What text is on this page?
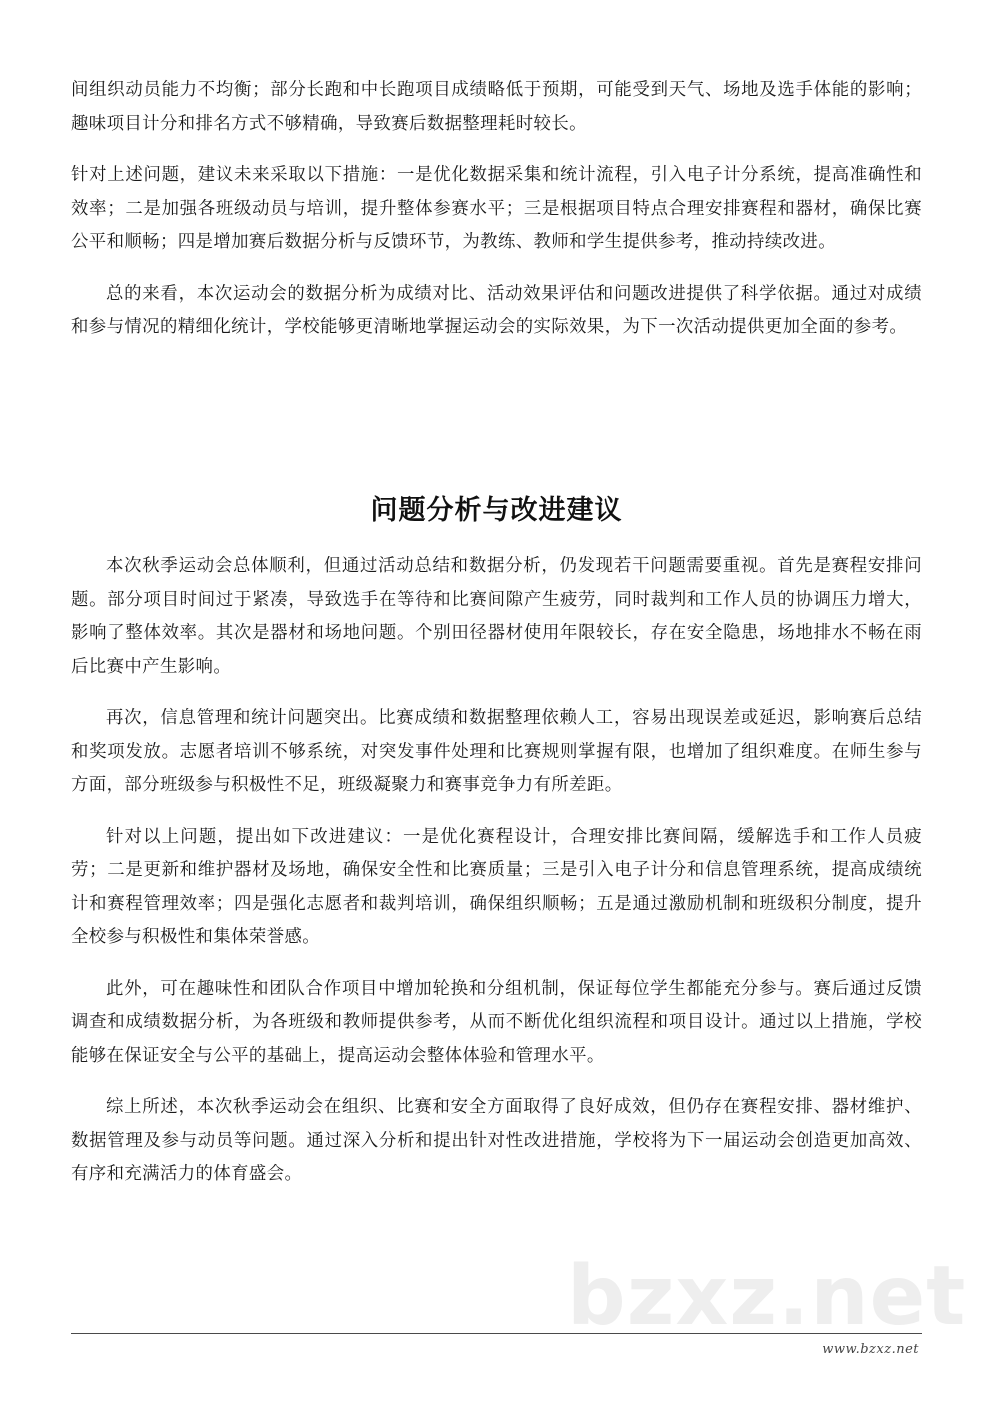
间组织动员能力不均衡；部分长跑和中长跑项目成绩略低于预期，可能受到天气、场地及选手体能的影响；趣味项目计分和排名方式不够精确，导致赛后数据整理耗时较长。

针对上述问题，建议未来采取以下措施：一是优化数据采集和统计流程，引入电子计分系统，提高准确性和效率；二是加强各班级动员与培训，提升整体参赛水平；三是根据项目特点合理安排赛程和器材，确保比赛公平和顺畅；四是增加赛后数据分析与反馈环节，为教练、教师和学生提供参考，推动持续改进。

总的来看，本次运动会的数据分析为成绩对比、活动效果评估和问题改进提供了科学依据。通过对成绩和参与情况的精细化统计，学校能够更清晰地掌握运动会的实际效果，为下一次活动提供更加全面的参考。

问题分析与改进建议

本次秋季运动会总体顺利，但通过活动总结和数据分析，仍发现若干问题需要重视。首先是赛程安排问题。部分项目时间过于紧凑，导致选手在等待和比赛间隙产生疲劳，同时裁判和工作人员的协调压力增大，影响了整体效率。其次是器材和场地问题。个别田径器材使用年限较长，存在安全隐患，场地排水不畅在雨后比赛中产生影响。

再次，信息管理和统计问题突出。比赛成绩和数据整理依赖人工，容易出现误差或延迟，影响赛后总结和奖项发放。志愿者培训不够系统，对突发事件处理和比赛规则掌握有限，也增加了组织难度。在师生参与方面，部分班级参与积极性不足，班级凝聚力和赛事竞争力有所差距。

针对以上问题，提出如下改进建议：一是优化赛程设计，合理安排比赛间隔，缓解选手和工作人员疲劳；二是更新和维护器材及场地，确保安全性和比赛质量；三是引入电子计分和信息管理系统，提高成绩统计和赛程管理效率；四是强化志愿者和裁判培训，确保组织顺畅；五是通过激励机制和班级积分制度，提升全校参与积极性和集体荣誉感。

此外，可在趣味性和团队合作项目中增加轮换和分组机制，保证每位学生都能充分参与。赛后通过反馈调查和成绩数据分析，为各班级和教师提供参考，从而不断优化组织流程和项目设计。通过以上措施，学校能够在保证安全与公平的基础上，提高运动会整体体验和管理水平。

综上所述，本次秋季运动会在组织、比赛和安全方面取得了良好成效，但仍存在赛程安排、器材维护、数据管理及参与动员等问题。通过深入分析和提出针对性改进措施，学校将为下一届运动会创造更加高效、有序和充满活力的体育盛会。

bzxz.net
www.bzxz.net
